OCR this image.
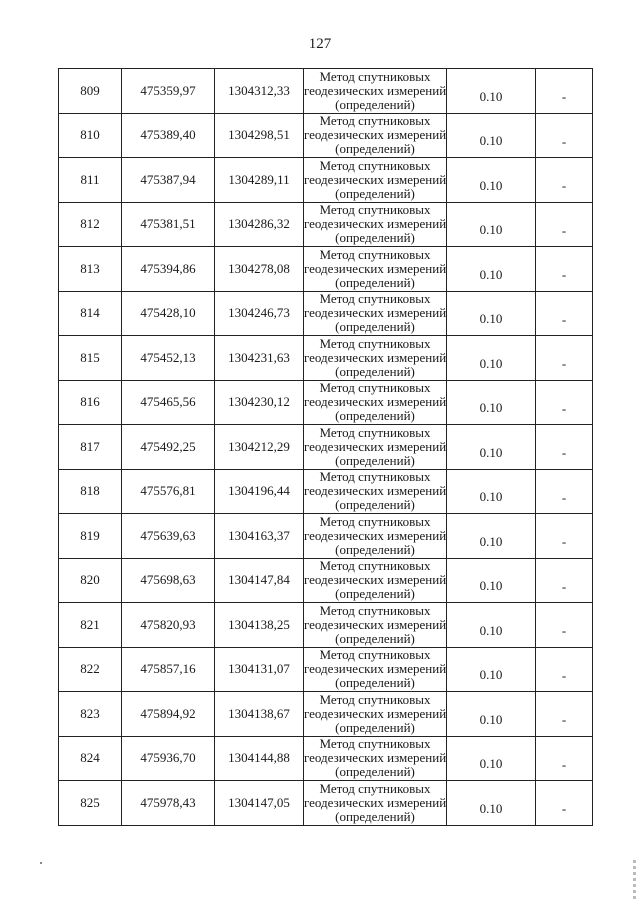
127
809	475359,97	1304312,33	Метод спутниковых
геодезических измерений
(определений)	0.10	-

810	475389,40	1304298,51	Метод спутниковых
геодезических измерений
(определений)	0.10	-

811	475387,94	1304289,11	Метод спутниковых
геодезических измерений
(определений)	0.10	-

812	475381,51	1304286,32	Метод спутниковых
геодезических измерений
(определений)	0.10	-

813	475394,86	1304278,08	Метод спутниковых
геодезических измерений
(определений)	0.10	-

814	475428,10	1304246,73	Метод спутниковых
геодезических измерений
(определений)	0.10	-

815	475452,13	1304231,63	Метод спутниковых
геодезических измерений
(определений)	0.10	-

816	475465,56	1304230,12	Метод спутниковых
геодезических измерений
(определений)	0.10	-

817	475492,25	1304212,29	Метод спутниковых
геодезических измерений
(определений)	0.10	-

818	475576,81	1304196,44	Метод спутниковых
геодезических измерений
(определений)	0.10	-

819	475639,63	1304163,37	Метод спутниковых
геодезических измерений
(определений)	0.10	-

820	475698,63	1304147,84	Метод спутниковых
геодезических измерений
(определений)	0.10	-

821	475820,93	1304138,25	Метод спутниковых
геодезических измерений
(определений)	0.10	-

822	475857,16	1304131,07	Метод спутниковых
геодезических измерений
(определений)	0.10	-

823	475894,92	1304138,67	Метод спутниковых
геодезических измерений
(определений)	0.10	-

824	475936,70	1304144,88	Метод спутниковых
геодезических измерений
(определений)	0.10	-

825	475978,43	1304147,05	Метод спутниковых
геодезических измерений
(определений)	0.10	-
